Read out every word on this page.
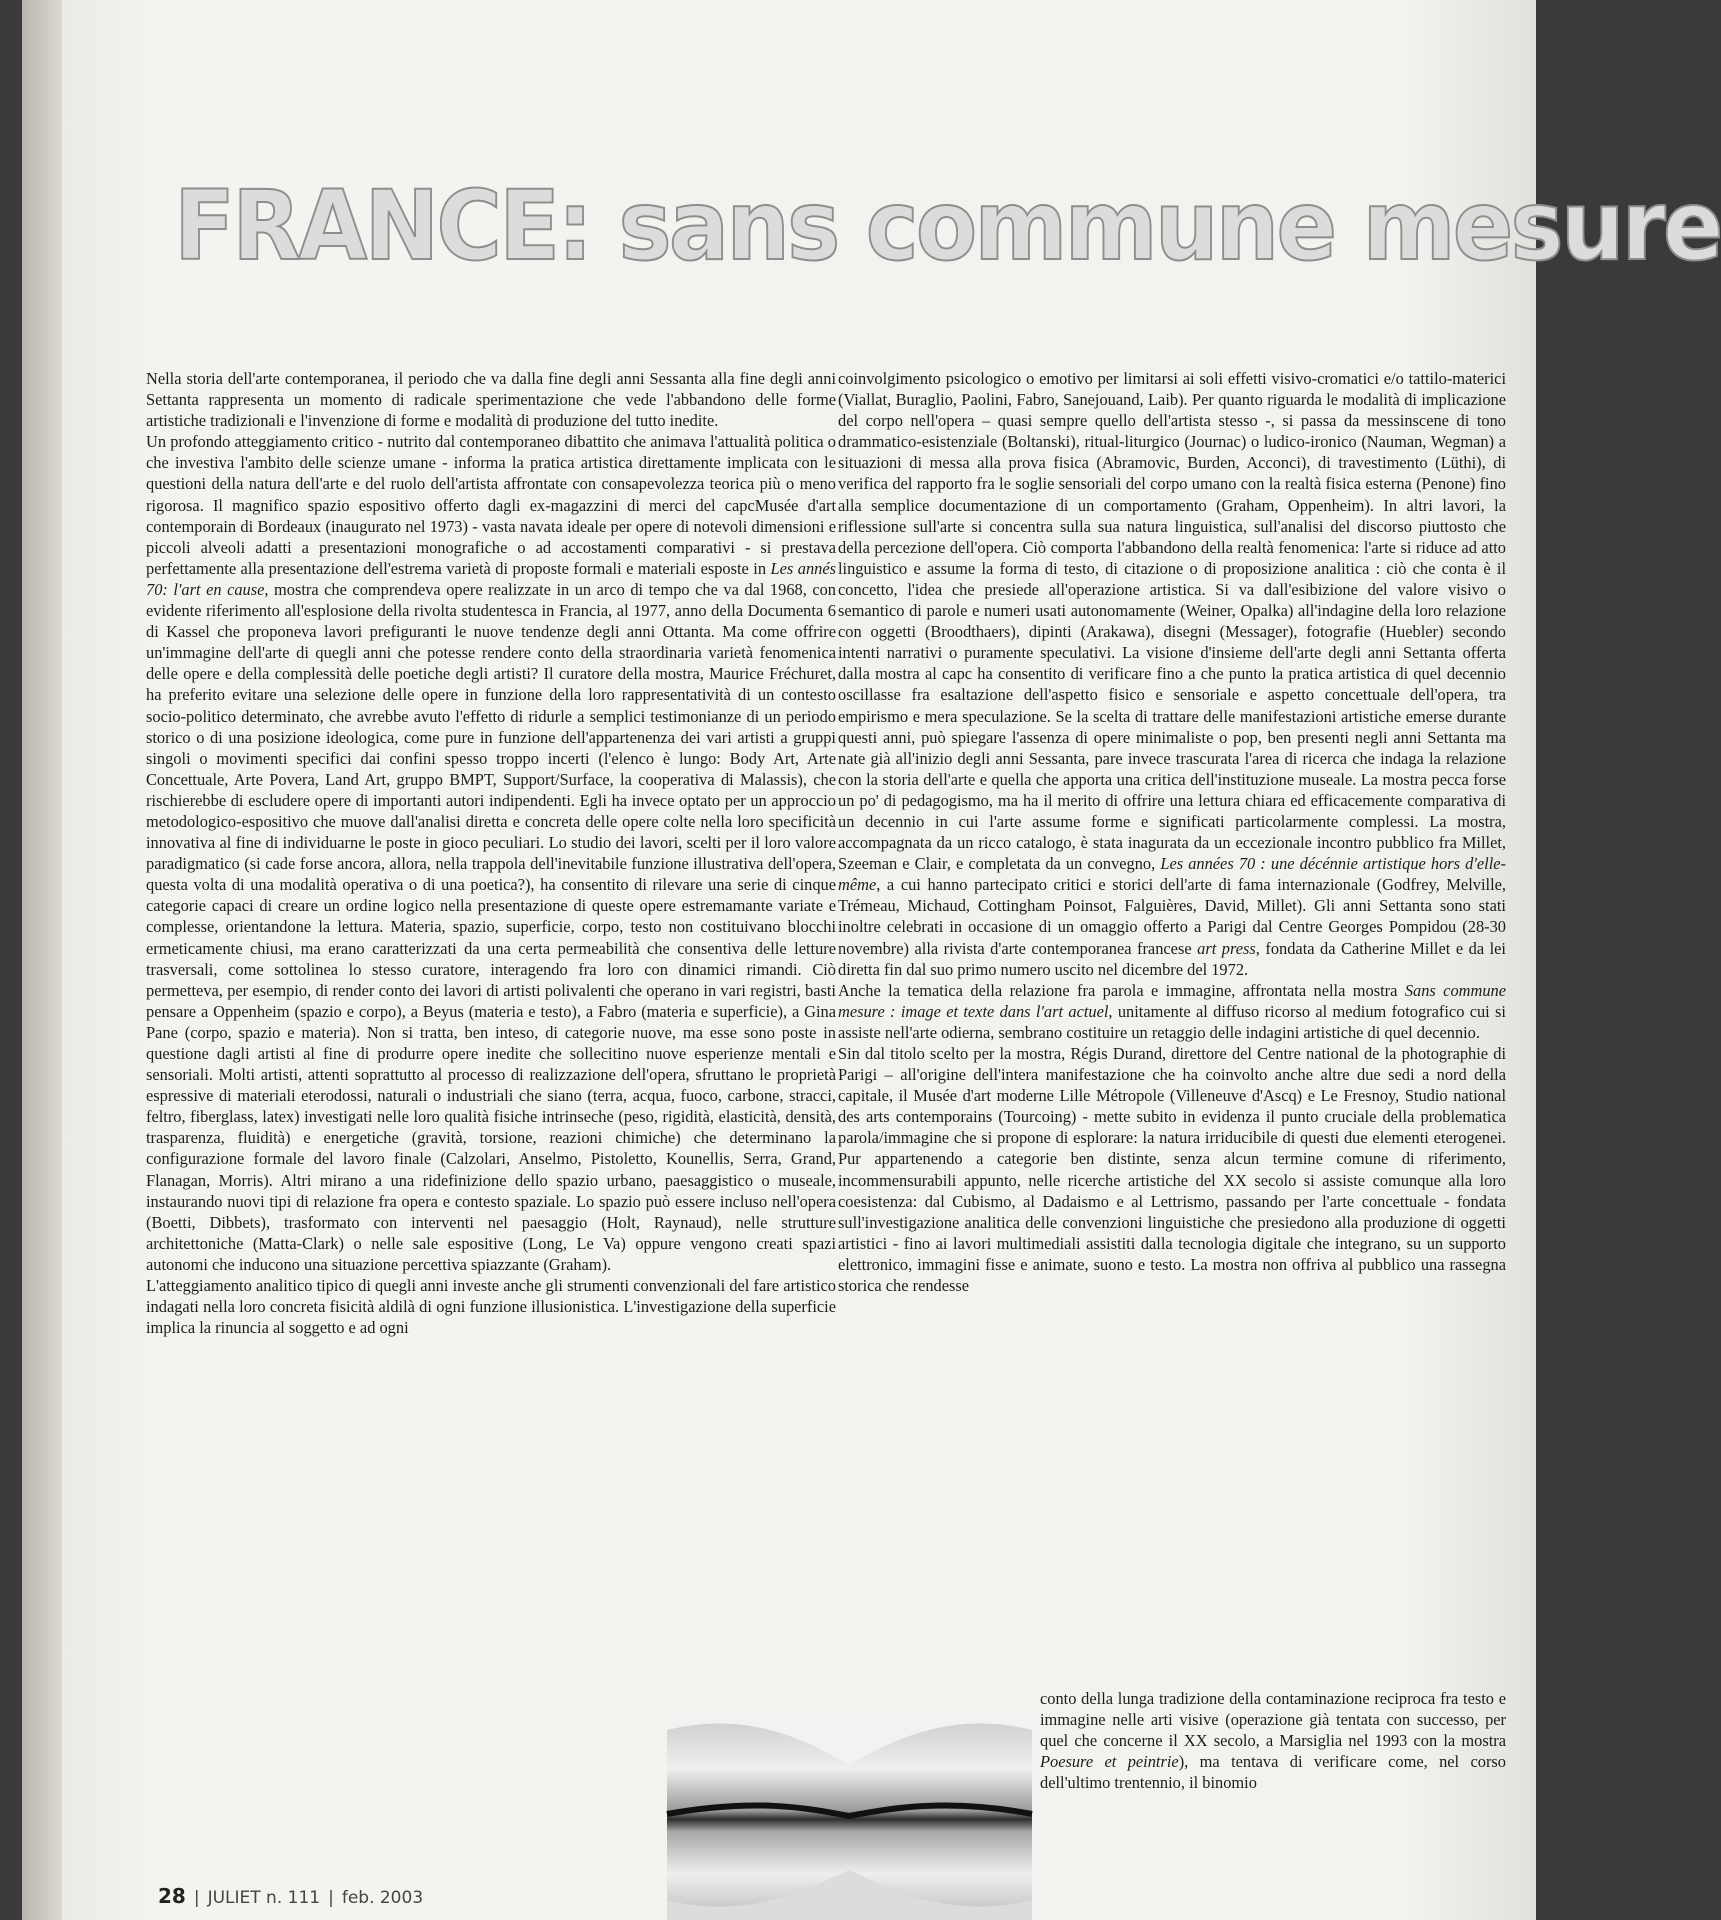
FRANCE: sans commune mesure

Nella storia dell'arte contemporanea, il periodo che va dalla fine degli anni Sessanta alla fine degli anni Settanta rappresenta un momento di radicale sperimentazione che vede l'abbandono delle forme artistiche tradizionali e l'invenzione di forme e modalità di produzione del tutto inedite.

Un profondo atteggiamento critico - nutrito dal contemporaneo dibattito che animava l'attualità politica o che investiva l'ambito delle scienze umane - informa la pratica artistica direttamente implicata con le questioni della natura dell'arte e del ruolo dell'artista affrontate con consapevolezza teorica più o meno rigorosa. Il magnifico spazio espositivo offerto dagli ex-magazzini di merci del capcMusée d'art contemporain di Bordeaux (inaugurato nel 1973) - vasta navata ideale per opere di notevoli dimensioni e piccoli alveoli adatti a presentazioni monografiche o ad accostamenti comparativi - si prestava perfettamente alla presentazione dell'estrema varietà di proposte formali e materiali esposte in Les annés 70: l'art en cause, mostra che comprendeva opere realizzate in un arco di tempo che va dal 1968, con evidente riferimento all'esplosione della rivolta studentesca in Francia, al 1977, anno della Documenta 6 di Kassel che proponeva lavori prefiguranti le nuove tendenze degli anni Ottanta. Ma come offrire un'immagine dell'arte di quegli anni che potesse rendere conto della straordinaria varietà fenomenica delle opere e della complessità delle poetiche degli artisti? Il curatore della mostra, Maurice Fréchuret, ha preferito evitare una selezione delle opere in funzione della loro rappresentatività di un contesto socio-politico determinato, che avrebbe avuto l'effetto di ridurle a semplici testimonianze di un periodo storico o di una posizione ideologica, come pure in funzione dell'appartenenza dei vari artisti a gruppi singoli o movimenti specifici dai confini spesso troppo incerti (l'elenco è lungo: Body Art, Arte Concettuale, Arte Povera, Land Art, gruppo BMPT, Support/Surface, la cooperativa di Malassis), che rischierebbe di escludere opere di importanti autori indipendenti. Egli ha invece optato per un approccio metodologico-espositivo che muove dall'analisi diretta e concreta delle opere colte nella loro specificità innovativa al fine di individuarne le poste in gioco peculiari. Lo studio dei lavori, scelti per il loro valore paradigmatico (si cade forse ancora, allora, nella trappola dell'inevitabile funzione illustrativa dell'opera, questa volta di una modalità operativa o di una poetica?), ha consentito di rilevare una serie di cinque categorie capaci di creare un ordine logico nella presentazione di queste opere estremamante variate e complesse, orientandone la lettura. Materia, spazio, superficie, corpo, testo non costituivano blocchi ermeticamente chiusi, ma erano caratterizzati da una certa permeabilità che consentiva delle letture trasversali, come sottolinea lo stesso curatore, interagendo fra loro con dinamici rimandi. Ciò permetteva, per esempio, di render conto dei lavori di artisti polivalenti che operano in vari registri, basti pensare a Oppenheim (spazio e corpo), a Beyus (materia e testo), a Fabro (materia e superficie), a Gina Pane (corpo, spazio e materia). Non si tratta, ben inteso, di categorie nuove, ma esse sono poste in questione dagli artisti al fine di produrre opere inedite che sollecitino nuove esperienze mentali e sensoriali. Molti artisti, attenti soprattutto al processo di realizzazione dell'opera, sfruttano le proprietà espressive di materiali eterodossi, naturali o industriali che siano (terra, acqua, fuoco, carbone, stracci, feltro, fiberglass, latex) investigati nelle loro qualità fisiche intrinseche (peso, rigidità, elasticità, densità, trasparenza, fluidità) e energetiche (gravità, torsione, reazioni chimiche) che determinano la configurazione formale del lavoro finale (Calzolari, Anselmo, Pistoletto, Kounellis, Serra, Grand, Flanagan, Morris). Altri mirano a una ridefinizione dello spazio urbano, paesaggistico o museale, instaurando nuovi tipi di relazione fra opera e contesto spaziale. Lo spazio può essere incluso nell'opera (Boetti, Dibbets), trasformato con interventi nel paesaggio (Holt, Raynaud), nelle strutture architettoniche (Matta-Clark) o nelle sale espositive (Long, Le Va) oppure vengono creati spazi autonomi che inducono una situazione percettiva spiazzante (Graham).

L'atteggiamento analitico tipico di quegli anni investe anche gli strumenti convenzionali del fare artistico indagati nella loro concreta fisicità aldilà di ogni funzione illusionistica. L'investigazione della superficie implica la rinuncia al soggetto e ad ogni

coinvolgimento psicologico o emotivo per limitarsi ai soli effetti visivo-cromatici e/o tattilo-materici (Viallat, Buraglio, Paolini, Fabro, Sanejouand, Laib). Per quanto riguarda le modalità di implicazione del corpo nell'opera – quasi sempre quello dell'artista stesso -, si passa da messinscene di tono drammatico-esistenziale (Boltanski), ritual-liturgico (Journac) o ludico-ironico (Nauman, Wegman) a situazioni di messa alla prova fisica (Abramovic, Burden, Acconci), di travestimento (Lüthi), di verifica del rapporto fra le soglie sensoriali del corpo umano con la realtà fisica esterna (Penone) fino alla semplice documentazione di un comportamento (Graham, Oppenheim). In altri lavori, la riflessione sull'arte si concentra sulla sua natura linguistica, sull'analisi del discorso piuttosto che della percezione dell'opera. Ciò comporta l'abbandono della realtà fenomenica: l'arte si riduce ad atto linguistico e assume la forma di testo, di citazione o di proposizione analitica : ciò che conta è il concetto, l'idea che presiede all'operazione artistica. Si va dall'esibizione del valore visivo o semantico di parole e numeri usati autonomamente (Weiner, Opalka) all'indagine della loro relazione con oggetti (Broodthaers), dipinti (Arakawa), disegni (Messager), fotografie (Huebler) secondo intenti narrativi o puramente speculativi. La visione d'insieme dell'arte degli anni Settanta offerta dalla mostra al capc ha consentito di verificare fino a che punto la pratica artistica di quel decennio oscillasse fra esaltazione dell'aspetto fisico e sensoriale e aspetto concettuale dell'opera, tra empirismo e mera speculazione. Se la scelta di trattare delle manifestazioni artistiche emerse durante questi anni, può spiegare l'assenza di opere minimaliste o pop, ben presenti negli anni Settanta ma nate già all'inizio degli anni Sessanta, pare invece trascurata l'area di ricerca che indaga la relazione con la storia dell'arte e quella che apporta una critica dell'instituzione museale. La mostra pecca forse un po' di pedagogismo, ma ha il merito di offrire una lettura chiara ed efficacemente comparativa di un decennio in cui l'arte assume forme e significati particolarmente complessi. La mostra, accompagnata da un ricco catalogo, è stata inagurata da un eccezionale incontro pubblico fra Millet, Szeeman e Clair, e completata da un convegno, Les années 70 : une décénnie artistique hors d'elle-même, a cui hanno partecipato critici e storici dell'arte di fama internazionale (Godfrey, Melville, Trémeau, Michaud, Cottingham Poinsot, Falguières, David, Millet). Gli anni Settanta sono stati inoltre celebrati in occasione di un omaggio offerto a Parigi dal Centre Georges Pompidou (28-30 novembre) alla rivista d'arte contemporanea francese art press, fondata da Catherine Millet e da lei diretta fin dal suo primo numero uscito nel dicembre del 1972.

Anche la tematica della relazione fra parola e immagine, affrontata nella mostra Sans commune mesure : image et texte dans l'art actuel, unitamente al diffuso ricorso al medium fotografico cui si assiste nell'arte odierna, sembrano costituire un retaggio delle indagini artistiche di quel decennio.

Sin dal titolo scelto per la mostra, Régis Durand, direttore del Centre national de la photographie di Parigi – all'origine dell'intera manifestazione che ha coinvolto anche altre due sedi a nord della capitale, il Musée d'art moderne Lille Métropole (Villeneuve d'Ascq) e Le Fresnoy, Studio national des arts contemporains (Tourcoing) - mette subito in evidenza il punto cruciale della problematica parola/immagine che si propone di esplorare: la natura irriducibile di questi due elementi eterogenei. Pur appartenendo a categorie ben distinte, senza alcun termine comune di riferimento, incommensurabili appunto, nelle ricerche artistiche del XX secolo si assiste comunque alla loro coesistenza: dal Cubismo, al Dadaismo e al Lettrismo, passando per l'arte concettuale - fondata sull'investigazione analitica delle convenzioni linguistiche che presiedono alla produzione di oggetti artistici - fino ai lavori multimediali assistiti dalla tecnologia digitale che integrano, su un supporto elettronico, immagini fisse e animate, suono e testo. La mostra non offriva al pubblico una rassegna storica che rendesse

conto della lunga tradizione della contaminazione reciproca fra testo e immagine nelle arti visive (operazione già tentata con successo, per quel che concerne il XX secolo, a Marsiglia nel 1993 con la mostra Poesure et peintrie), ma tentava di verificare come, nel corso dell'ultimo trentennio, il binomio

28 | JULIET n. 111 | feb. 2003
